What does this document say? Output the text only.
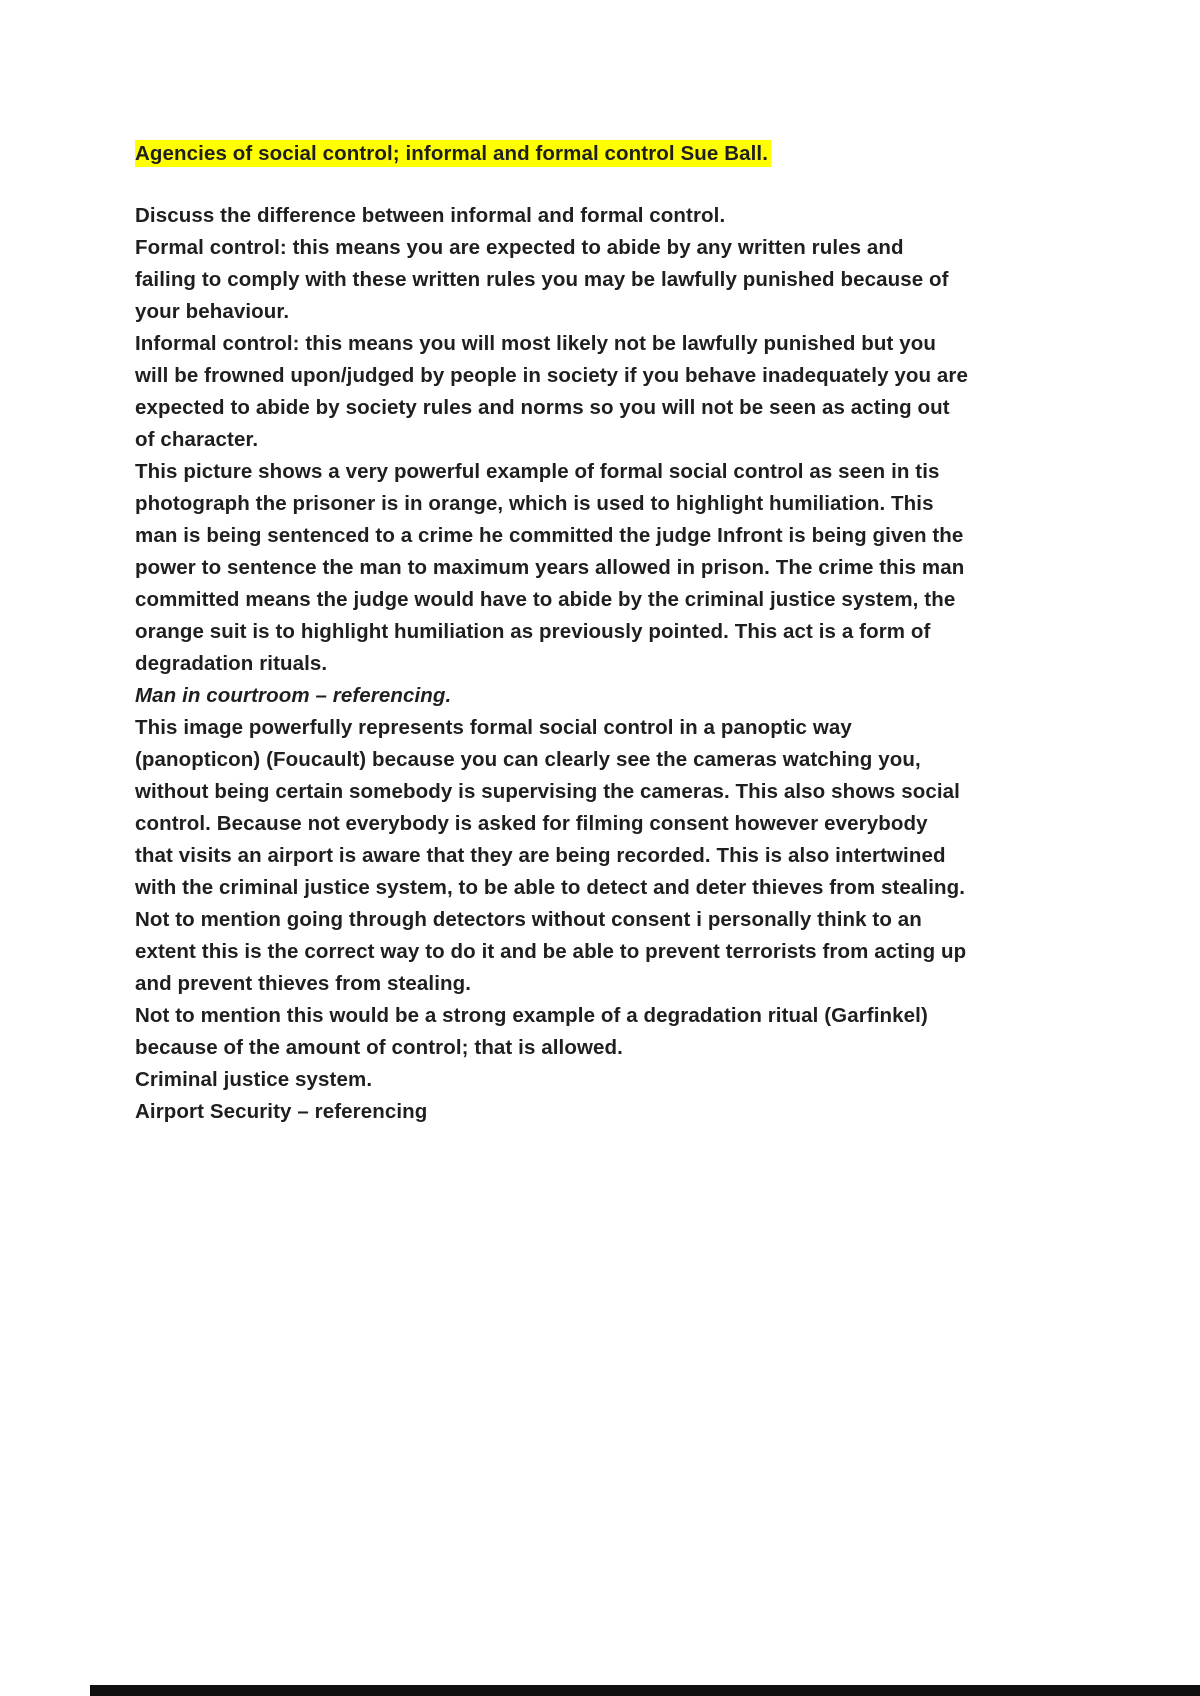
Agencies of social control; informal and formal control Sue Ball.

Discuss the difference between informal and formal control.

Formal control: this means you are expected to abide by any written rules and failing to comply with these written rules you may be lawfully punished because of your behaviour.

Informal control: this means you will most likely not be lawfully punished but you will be frowned upon/judged by people in society if you behave inadequately you are expected to abide by society rules and norms so you will not be seen as acting out of character.

This picture shows a very powerful example of formal social control as seen in tis photograph the prisoner is in orange, which is used to highlight humiliation. This man is being sentenced to a crime he committed the judge Infront is being given the power to sentence the man to maximum years allowed in prison. The crime this man committed means the judge would have to abide by the criminal justice system, the orange suit is to highlight humiliation as previously pointed. This act is a form of degradation rituals.

Man in courtroom – referencing.

This image powerfully represents formal social control in a panoptic way (panopticon) (Foucault) because you can clearly see the cameras watching you, without being certain somebody is supervising the cameras. This also shows social control. Because not everybody is asked for filming consent however everybody that visits an airport is aware that they are being recorded. This is also intertwined with the criminal justice system, to be able to detect and deter thieves from stealing. Not to mention going through detectors without consent i personally think to an extent this is the correct way to do it and be able to prevent terrorists from acting up and prevent thieves from stealing.

Not to mention this would be a strong example of a degradation ritual (Garfinkel) because of the amount of control; that is allowed.

Criminal justice system.

Airport Security – referencing
